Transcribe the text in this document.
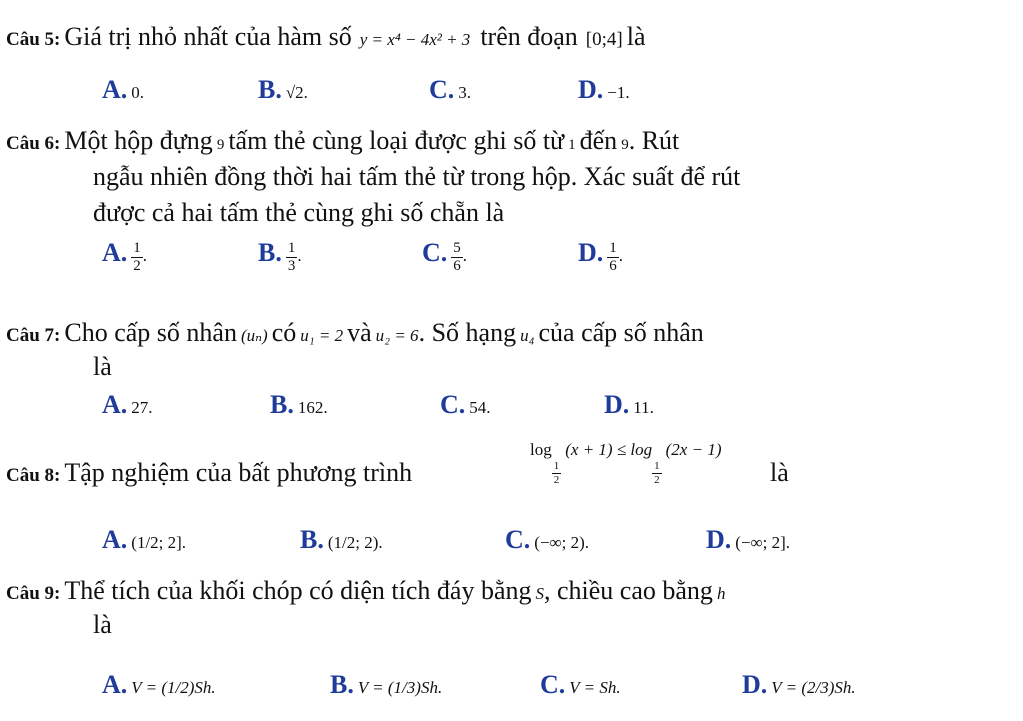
Câu 5: Giá trị nhỏ nhất của hàm số y = x⁴ − 4x² + 3 trên đoạn [0;4] là
A. 0.	B. √2.	C. 3.	D. −1.
Câu 6: Một hộp đựng 9 tấm thẻ cùng loại được ghi số từ 1 đến 9. Rút
ngẫu nhiên đồng thời hai tấm thẻ từ trong hộp. Xác suất để rút
được cả hai tấm thẻ cùng ghi số chẵn là
A. $\frac{1}{2}$ .	B. $\frac{1}{3}$ .	C. $\frac{5}{6}$ .	D. $\frac{1}{6}$ .
Câu 7: Cho cấp số nhân (uₙ) có u₁ = 2 và u₂ = 6. Số hạng u₄ của cấp số nhân
là
A. 27.	B. 162.	C. 54.	D. 11.
Câu 8: Tập nghiệm của bất phương trình
log
$\frac{1}{2}$
(x + 1) ≤ log
$\frac{1}{2}$
(2x − 1)
là
A. (1/2; 2].	B. (1/2; 2).	C. (−∞; 2).	D. (−∞; 2].
Câu 9: Thể tích của khối chóp có diện tích đáy bằng S, chiều cao bằng h
là
A. V = (1/2)Sh.	B. V = (1/3)Sh.	C. V = Sh.	D. V = (2/3)Sh.
